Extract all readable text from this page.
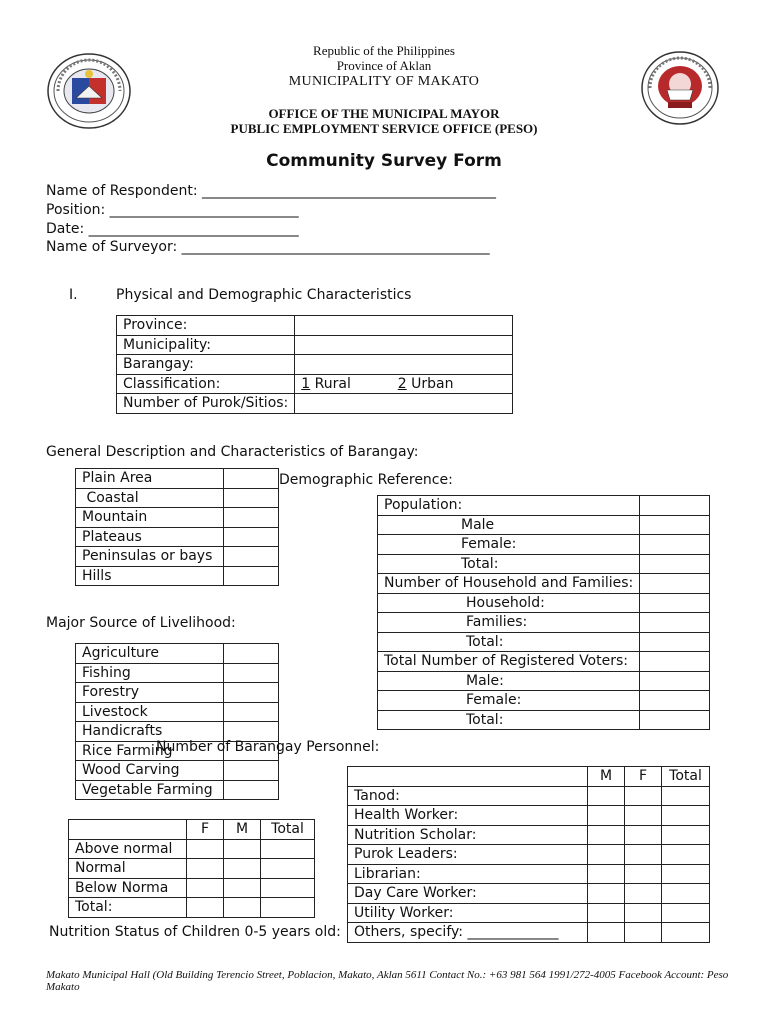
Republic of the Philippines
Province of Aklan
MUNICIPALITY OF MAKATO
OFFICE OF THE MUNICIPAL MAYOR
PUBLIC EMPLOYMENT SERVICE OFFICE (PESO)
Community Survey Form
Name of Respondent: __________________________________________
Position: ___________________________
Date: ______________________________
Name of Surveyor: ____________________________________________
I.	Physical and Demographic Characteristics
Province:	
Municipality:	
Barangay:	
Classification:	1 Rural 2 Urban
Number of Purok/Sitios:	
General Description and Characteristics of Barangay:
Plain Area	
Coastal	
Mountain	
Plateaus	
Peninsulas or bays	
Hills	
Demographic Reference:
Population:	
Male	
Female:	
Total:	
Number of Household and Families:	
Household:	
Families:	
Total:	
Total Number of Registered Voters:	
Male:	
Female:	
Total:	
Major Source of Livelihood:
Agriculture	
Fishing	
Forestry	
Livestock	
Handicrafts	
Rice Farming	
Wood Carving	
Vegetable Farming	
Number of Barangay Personnel:
	M	F	Total
Tanod:			
Health Worker:			
Nutrition Scholar:			
Purok Leaders:			
Librarian:			
Day Care Worker:			
Utility Worker:			
Others, specify: _____________			
	F	M	Total
Above normal			
Normal			
Below Norma			
Total:			
Nutrition Status of Children 0-5 years old:
Makato Municipal Hall (Old Building Terencio Street, Poblacion, Makato, Aklan 5611 Contact No.: +63 981 564 1991/272-4005 Facebook Account: Peso Makato
